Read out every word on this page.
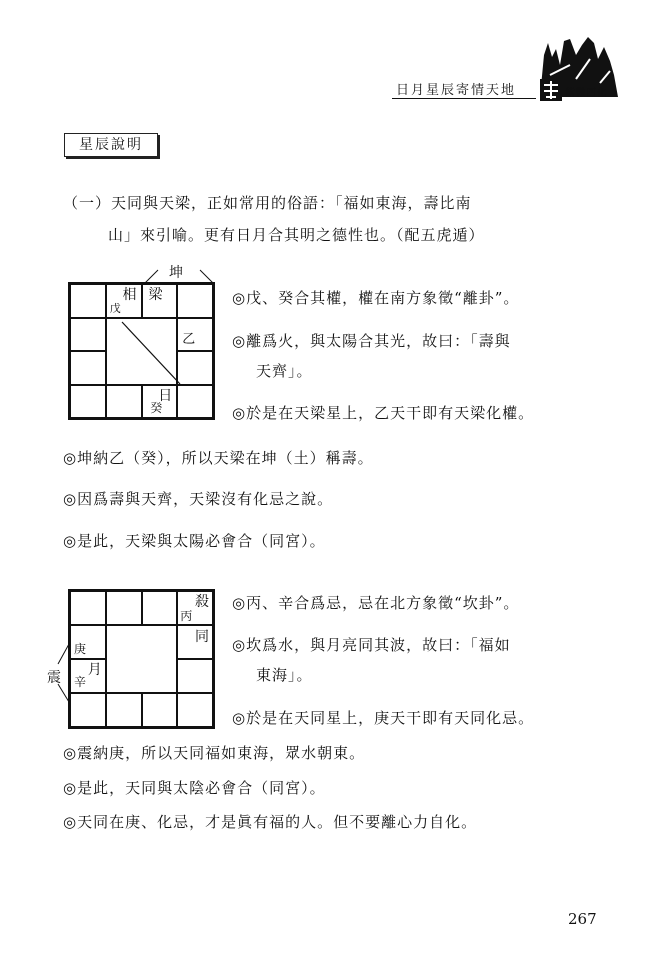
日月星辰寄情天地	紫微四化
星辰說明
（一）天同與天梁，正如常用的俗語：「福如東海，壽比南
山」來引喻。更有日月合其明之德性也。（配五虎遁）
坤
相
戊
梁
乙
日
癸
◎戊、癸合其權，權在南方象徵“離卦”。
◎離爲火，與太陽合其光，故曰：「壽與
天齊」。
◎於是在天梁星上，乙天干即有天梁化權。
◎坤納乙（癸），所以天梁在坤（土）稱壽。
◎因爲壽與天齊，天梁沒有化忌之說。
◎是此，天梁與太陽必會合（同宮）。
殺
丙
庚
同
辛
月
震
◎丙、辛合爲忌，忌在北方象徵“坎卦”。
◎坎爲水，與月亮同其波，故曰：「福如
東海」。
◎於是在天同星上，庚天干即有天同化忌。
◎震納庚，所以天同福如東海，眾水朝東。
◎是此，天同與太陰必會合（同宮）。
◎天同在庚、化忌，才是眞有福的人。但不要離心力自化。
267
